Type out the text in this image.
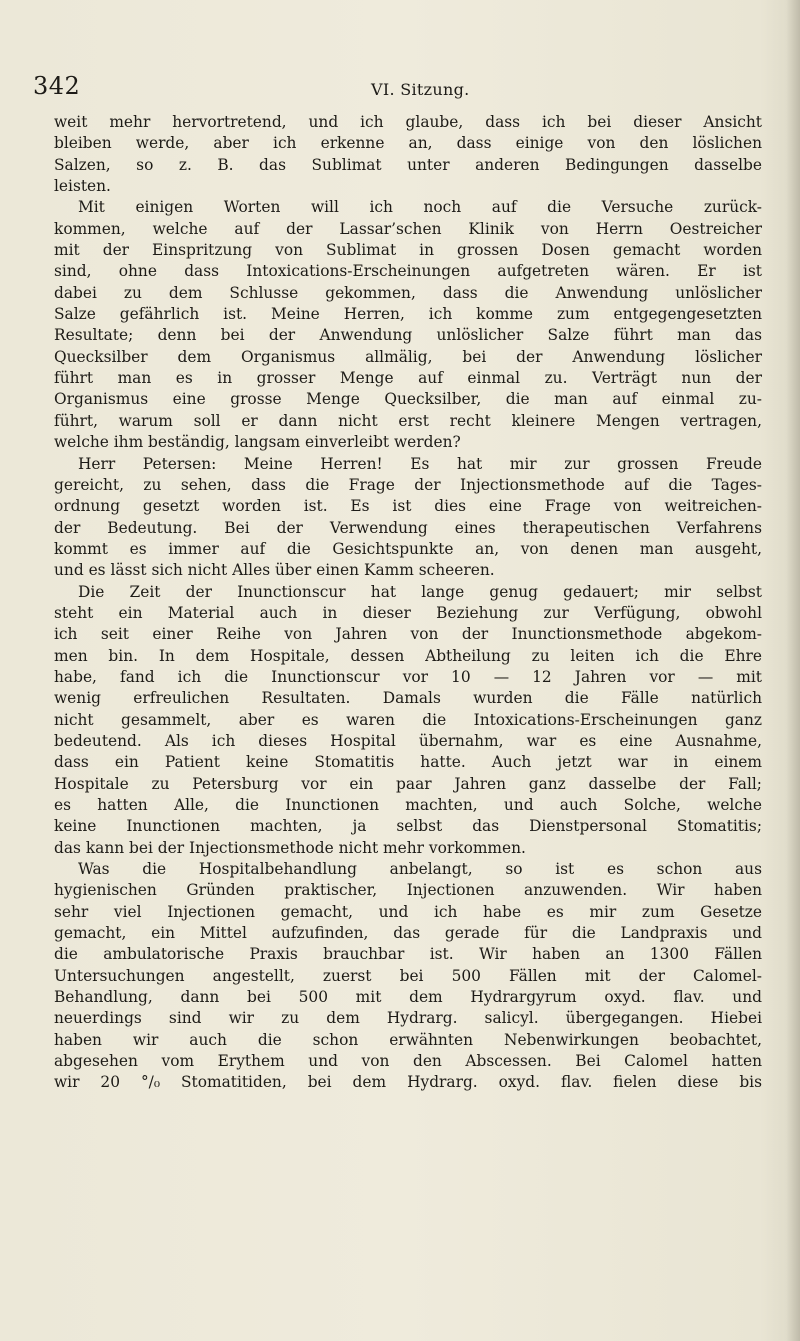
342	VI. Sitzung.

weit mehr hervortretend, und ich glaube, dass ich bei dieser Ansicht
bleiben werde, aber ich erkenne an, dass einige von den löslichen
Salzen, so z. B. das Sublimat unter anderen Bedingungen dasselbe
leisten.

Mit einigen Worten will ich noch auf die Versuche zurück-
kommen, welche auf der Lassar’schen Klinik von Herrn Oestreicher
mit der Einspritzung von Sublimat in grossen Dosen gemacht worden
sind, ohne dass Intoxications-Erscheinungen aufgetreten wären. Er ist
dabei zu dem Schlusse gekommen, dass die Anwendung unlöslicher
Salze gefährlich ist. Meine Herren, ich komme zum entgegengesetzten
Resultate; denn bei der Anwendung unlöslicher Salze führt man das
Quecksilber dem Organismus allmälig, bei der Anwendung löslicher
führt man es in grosser Menge auf einmal zu. Verträgt nun der
Organismus eine grosse Menge Quecksilber, die man auf einmal zu-
führt, warum soll er dann nicht erst recht kleinere Mengen vertragen,
welche ihm beständig, langsam einverleibt werden?

Herr Petersen: Meine Herren! Es hat mir zur grossen Freude
gereicht, zu sehen, dass die Frage der Injectionsmethode auf die Tages-
ordnung gesetzt worden ist. Es ist dies eine Frage von weitreichen-
der Bedeutung. Bei der Verwendung eines therapeutischen Verfahrens
kommt es immer auf die Gesichtspunkte an, von denen man ausgeht,
und es lässt sich nicht Alles über einen Kamm scheeren.

Die Zeit der Inunctionscur hat lange genug gedauert; mir selbst
steht ein Material auch in dieser Beziehung zur Verfügung, obwohl
ich seit einer Reihe von Jahren von der Inunctionsmethode abgekom-
men bin. In dem Hospitale, dessen Abtheilung zu leiten ich die Ehre
habe, fand ich die Inunctionscur vor 10 — 12 Jahren vor — mit
wenig erfreulichen Resultaten. Damals wurden die Fälle natürlich
nicht gesammelt, aber es waren die Intoxications-Erscheinungen ganz
bedeutend. Als ich dieses Hospital übernahm, war es eine Ausnahme,
dass ein Patient keine Stomatitis hatte. Auch jetzt war in einem
Hospitale zu Petersburg vor ein paar Jahren ganz dasselbe der Fall;
es hatten Alle, die Inunctionen machten, und auch Solche, welche
keine Inunctionen machten, ja selbst das Dienstpersonal Stomatitis;
das kann bei der Injectionsmethode nicht mehr vorkommen.

Was die Hospitalbehandlung anbelangt, so ist es schon aus
hygienischen Gründen praktischer, Injectionen anzuwenden. Wir haben
sehr viel Injectionen gemacht, und ich habe es mir zum Gesetze
gemacht, ein Mittel aufzufinden, das gerade für die Landpraxis und
die ambulatorische Praxis brauchbar ist. Wir haben an 1300 Fällen
Untersuchungen angestellt, zuerst bei 500 Fällen mit der Calomel-
Behandlung, dann bei 500 mit dem Hydrargyrum oxyd. flav. und
neuerdings sind wir zu dem Hydrarg. salicyl. übergegangen. Hiebei
haben wir auch die schon erwähnten Nebenwirkungen beobachtet,
abgesehen vom Erythem und von den Abscessen. Bei Calomel hatten
wir 20 °/₀ Stomatitiden, bei dem Hydrarg. oxyd. flav. fielen diese bis
